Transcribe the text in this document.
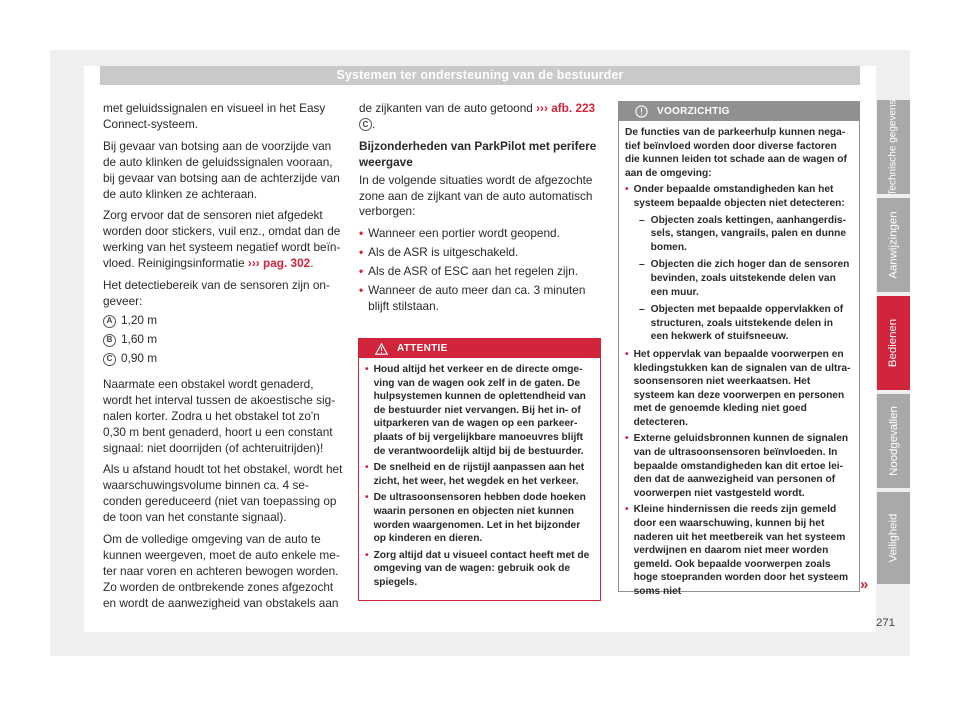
Systemen ter ondersteuning van de bestuurder

met geluidssignalen en visueel in het Easy Connect-systeem.

Bij gevaar van botsing aan de voorzijde van de auto klinken de geluidssignalen vooraan, bij gevaar van botsing aan de achterzijde van de auto klinken ze achteraan.

Zorg ervoor dat de sensoren niet afgedekt worden door stickers, vuil enz., omdat dan de werking van het systeem negatief wordt beïnvloed. Reinigingsinformatie ››› pag. 302.

Het detectiebereik van de sensoren zijn ongeveer:

A 1,20 m
B 1,60 m
C 0,90 m

Naarmate een obstakel wordt genaderd, wordt het interval tussen de akoestische signalen korter. Zodra u het obstakel tot zo'n 0,30 m bent genaderd, hoort u een constant signaal: niet doorrijden (of achteruitrijden)!

Als u afstand houdt tot het obstakel, wordt het waarschuwingsvolume binnen ca. 4 seconden gereduceerd (niet van toepassing op de toon van het constante signaal).

Om de volledige omgeving van de auto te kunnen weergeven, moet de auto enkele meter naar voren en achteren bewogen worden. Zo worden de ontbrekende zones afgezocht en wordt de aanwezigheid van obstakels aan

de zijkanten van de auto getoond ››› afb. 223 C .

Bijzonderheden van ParkPilot met perifere weergave

In de volgende situaties wordt de afgezochte zone aan de zijkant van de auto automatisch verborgen:

• Wanneer een portier wordt geopend.
• Als de ASR is uitgeschakeld.
• Als de ASR of ESC aan het regelen zijn.
• Wanneer de auto meer dan ca. 3 minuten blijft stilstaan.
ATTENTIE
• Houd altijd het verkeer en de directe omgeving van de wagen ook zelf in de gaten. De hulpsystemen kunnen de oplettendheid van de bestuurder niet vervangen. Bij het in- of uitparkeren van de wagen op een parkeerplaats of bij vergelijkbare manoeuvres blijft de verantwoordelijk altijd bij de bestuurder.
• De snelheid en de rijstijl aanpassen aan het zicht, het weer, het wegdek en het verkeer.
• De ultrasoonsensoren hebben dode hoeken waarin personen en objecten niet kunnen worden waargenomen. Let in het bijzonder op kinderen en dieren.
• Zorg altijd dat u visueel contact heeft met de omgeving van de wagen: gebruik ook de spiegels.
VOORZICHTIG
De functies van de parkeerhulp kunnen negatief beïnvloed worden door diverse factoren die kunnen leiden tot schade aan de wagen of aan de omgeving:
• Onder bepaalde omstandigheden kan het systeem bepaalde objecten niet detecteren:
– Objecten zoals kettingen, aanhangerdissels, stangen, vangrails, palen en dunne bomen.
– Objecten die zich hoger dan de sensoren bevinden, zoals uitstekende delen van een muur.
– Objecten met bepaalde oppervlakken of structuren, zoals uitstekende delen in een hekwerk of stuifsneeuw.
• Het oppervlak van bepaalde voorwerpen en kledingstukken kan de signalen van de ultrasoonsensoren niet weerkaatsen. Het systeem kan deze voorwerpen en personen met de genoemde kleding niet goed detecteren.
• Externe geluidsbronnen kunnen de signalen van de ultrasoonsensoren beïnvloeden. In bepaalde omstandigheden kan dit ertoe leiden dat de aanwezigheid van personen of voorwerpen niet vastgesteld wordt.
• Kleine hindernissen die reeds zijn gemeld door een waarschuwing, kunnen bij het naderen uit het meetbereik van het systeem verdwijnen en daarom niet meer worden gemeld. Ook bepaalde voorwerpen zoals hoge stoepranden worden door het systeem soms niet	»
Technische gegevens
Aanwijzingen
Bedienen
Noodgevallen
Veiligheid
271
